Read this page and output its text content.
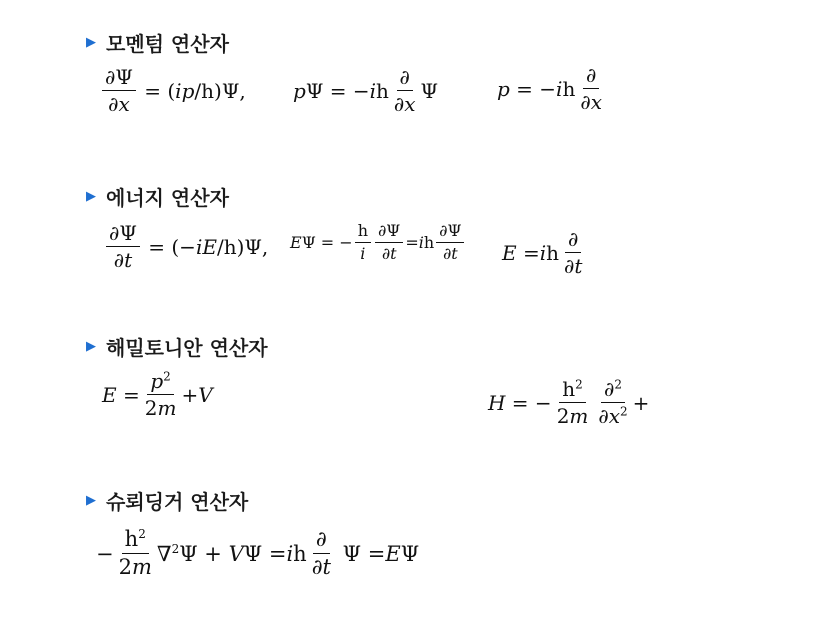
▶ 모멘텀 연산자
$\frac{\partial\Psi}{\partial x}$ = ( ip / h )Ψ, p Ψ = − i h $\frac{\partial}{\partial x}$ Ψ	p = − i h $\frac{\partial}{\partial x}$
▶ 에너지 연산자
$\frac{\partial\Psi}{\partial t}$ = (− iE / h )Ψ, E Ψ = − $\frac{h}{i} \frac{\partial\Psi}{\partial t} = i$ h $\frac{\partial\Psi}{\partial t}$ E = i h $\frac{\partial}{\partial t}$
▶ 해밀토니안 연산자
$E = \frac{p^2}{2m} + V$	H = − $\frac{h^2}{2m} \frac{\partial^2}{\partial x^2}$ +
▶ 슈뢰딩거 연산자
− $\frac{h^2}{2m} \nabla^2\Psi + V$ Ψ = i h $\frac{\partial}{\partial t}$ Ψ = E Ψ
